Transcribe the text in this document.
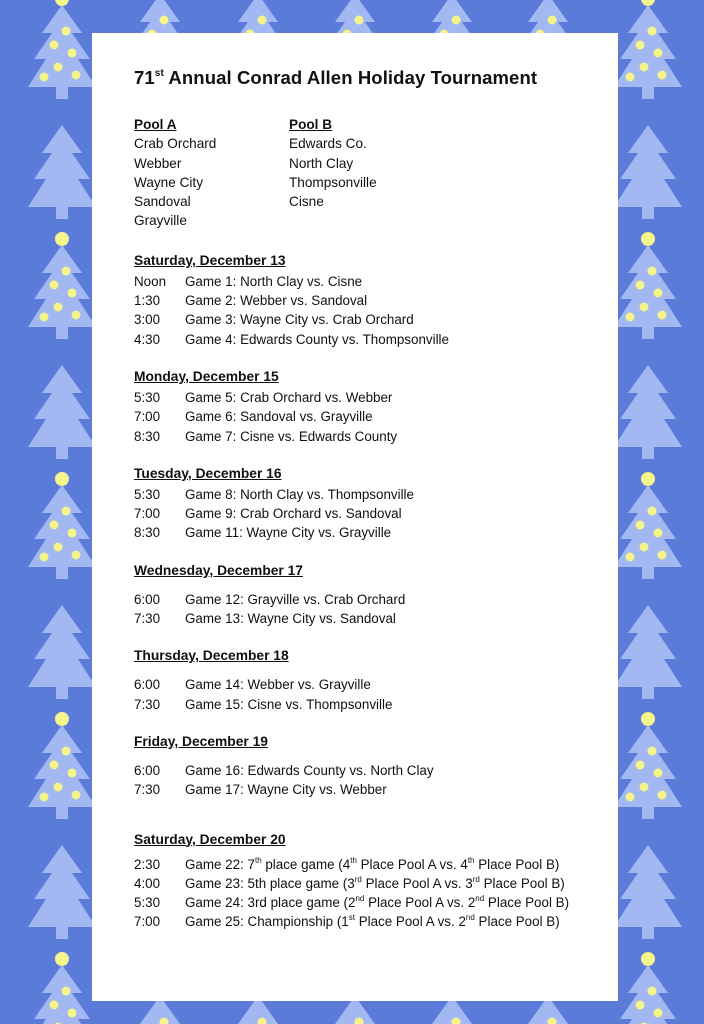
71st Annual Conrad Allen Holiday Tournament
Pool A
Crab Orchard
Webber
Wayne City
Sandoval
Grayville
Pool B
Edwards Co.
North Clay
Thompsonville
Cisne
Saturday, December 13
Noon	Game 1: North Clay vs. Cisne
1:30	Game 2: Webber vs. Sandoval
3:00	Game 3: Wayne City vs. Crab Orchard
4:30	Game 4: Edwards County vs. Thompsonville
Monday, December 15
5:30	Game 5: Crab Orchard vs. Webber
7:00	Game 6: Sandoval vs. Grayville
8:30	Game 7: Cisne vs. Edwards County
Tuesday, December 16
5:30	Game 8: North Clay vs. Thompsonville
7:00	Game 9: Crab Orchard vs. Sandoval
8:30	Game 11: Wayne City vs. Grayville
Wednesday, December 17
6:00	Game 12: Grayville vs. Crab Orchard
7:30	Game 13: Wayne City vs. Sandoval
Thursday, December 18
6:00	Game 14: Webber vs. Grayville
7:30	Game 15: Cisne vs. Thompsonville
Friday, December 19
6:00	Game 16: Edwards County vs. North Clay
7:30	Game 17: Wayne City vs. Webber
Saturday, December 20
2:30	Game 22: 7th place game (4th Place Pool A vs. 4th Place Pool B)
4:00	Game 23: 5th place game (3rd Place Pool A vs. 3rd Place Pool B)
5:30	Game 24: 3rd place game (2nd Place Pool A vs. 2nd Place Pool B)
7:00	Game 25: Championship (1st Place Pool A vs. 2nd Place Pool B)
